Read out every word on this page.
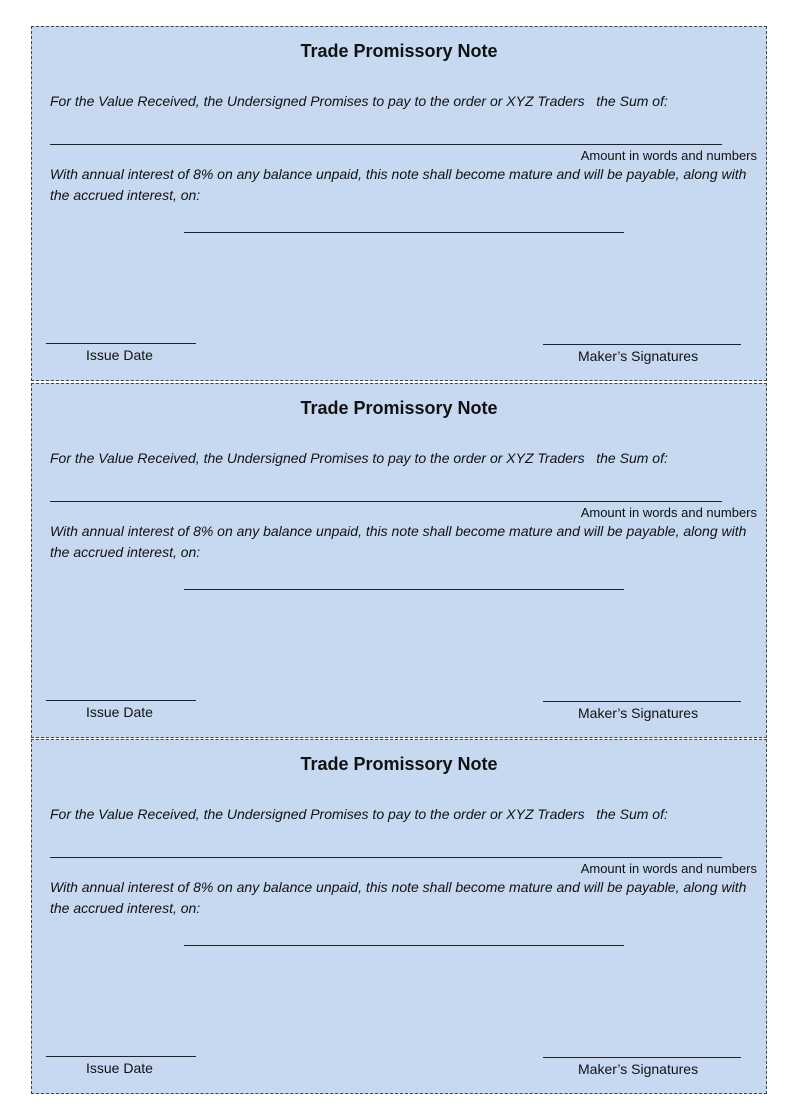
Trade Promissory Note
For the Value Received, the Undersigned Promises to pay to the order or XYZ Traders   the Sum of:
Amount in words and numbers
With annual interest of 8% on any balance unpaid, this note shall become mature and will be payable, along with the accrued interest, on:
Issue Date	Maker’s Signatures
Trade Promissory Note
For the Value Received, the Undersigned Promises to pay to the order or XYZ Traders   the Sum of:
Amount in words and numbers
With annual interest of 8% on any balance unpaid, this note shall become mature and will be payable, along with the accrued interest, on:
Issue Date	Maker’s Signatures
Trade Promissory Note
For the Value Received, the Undersigned Promises to pay to the order or XYZ Traders   the Sum of:
Amount in words and numbers
With annual interest of 8% on any balance unpaid, this note shall become mature and will be payable, along with the accrued interest, on:
Issue Date	Maker’s Signatures
